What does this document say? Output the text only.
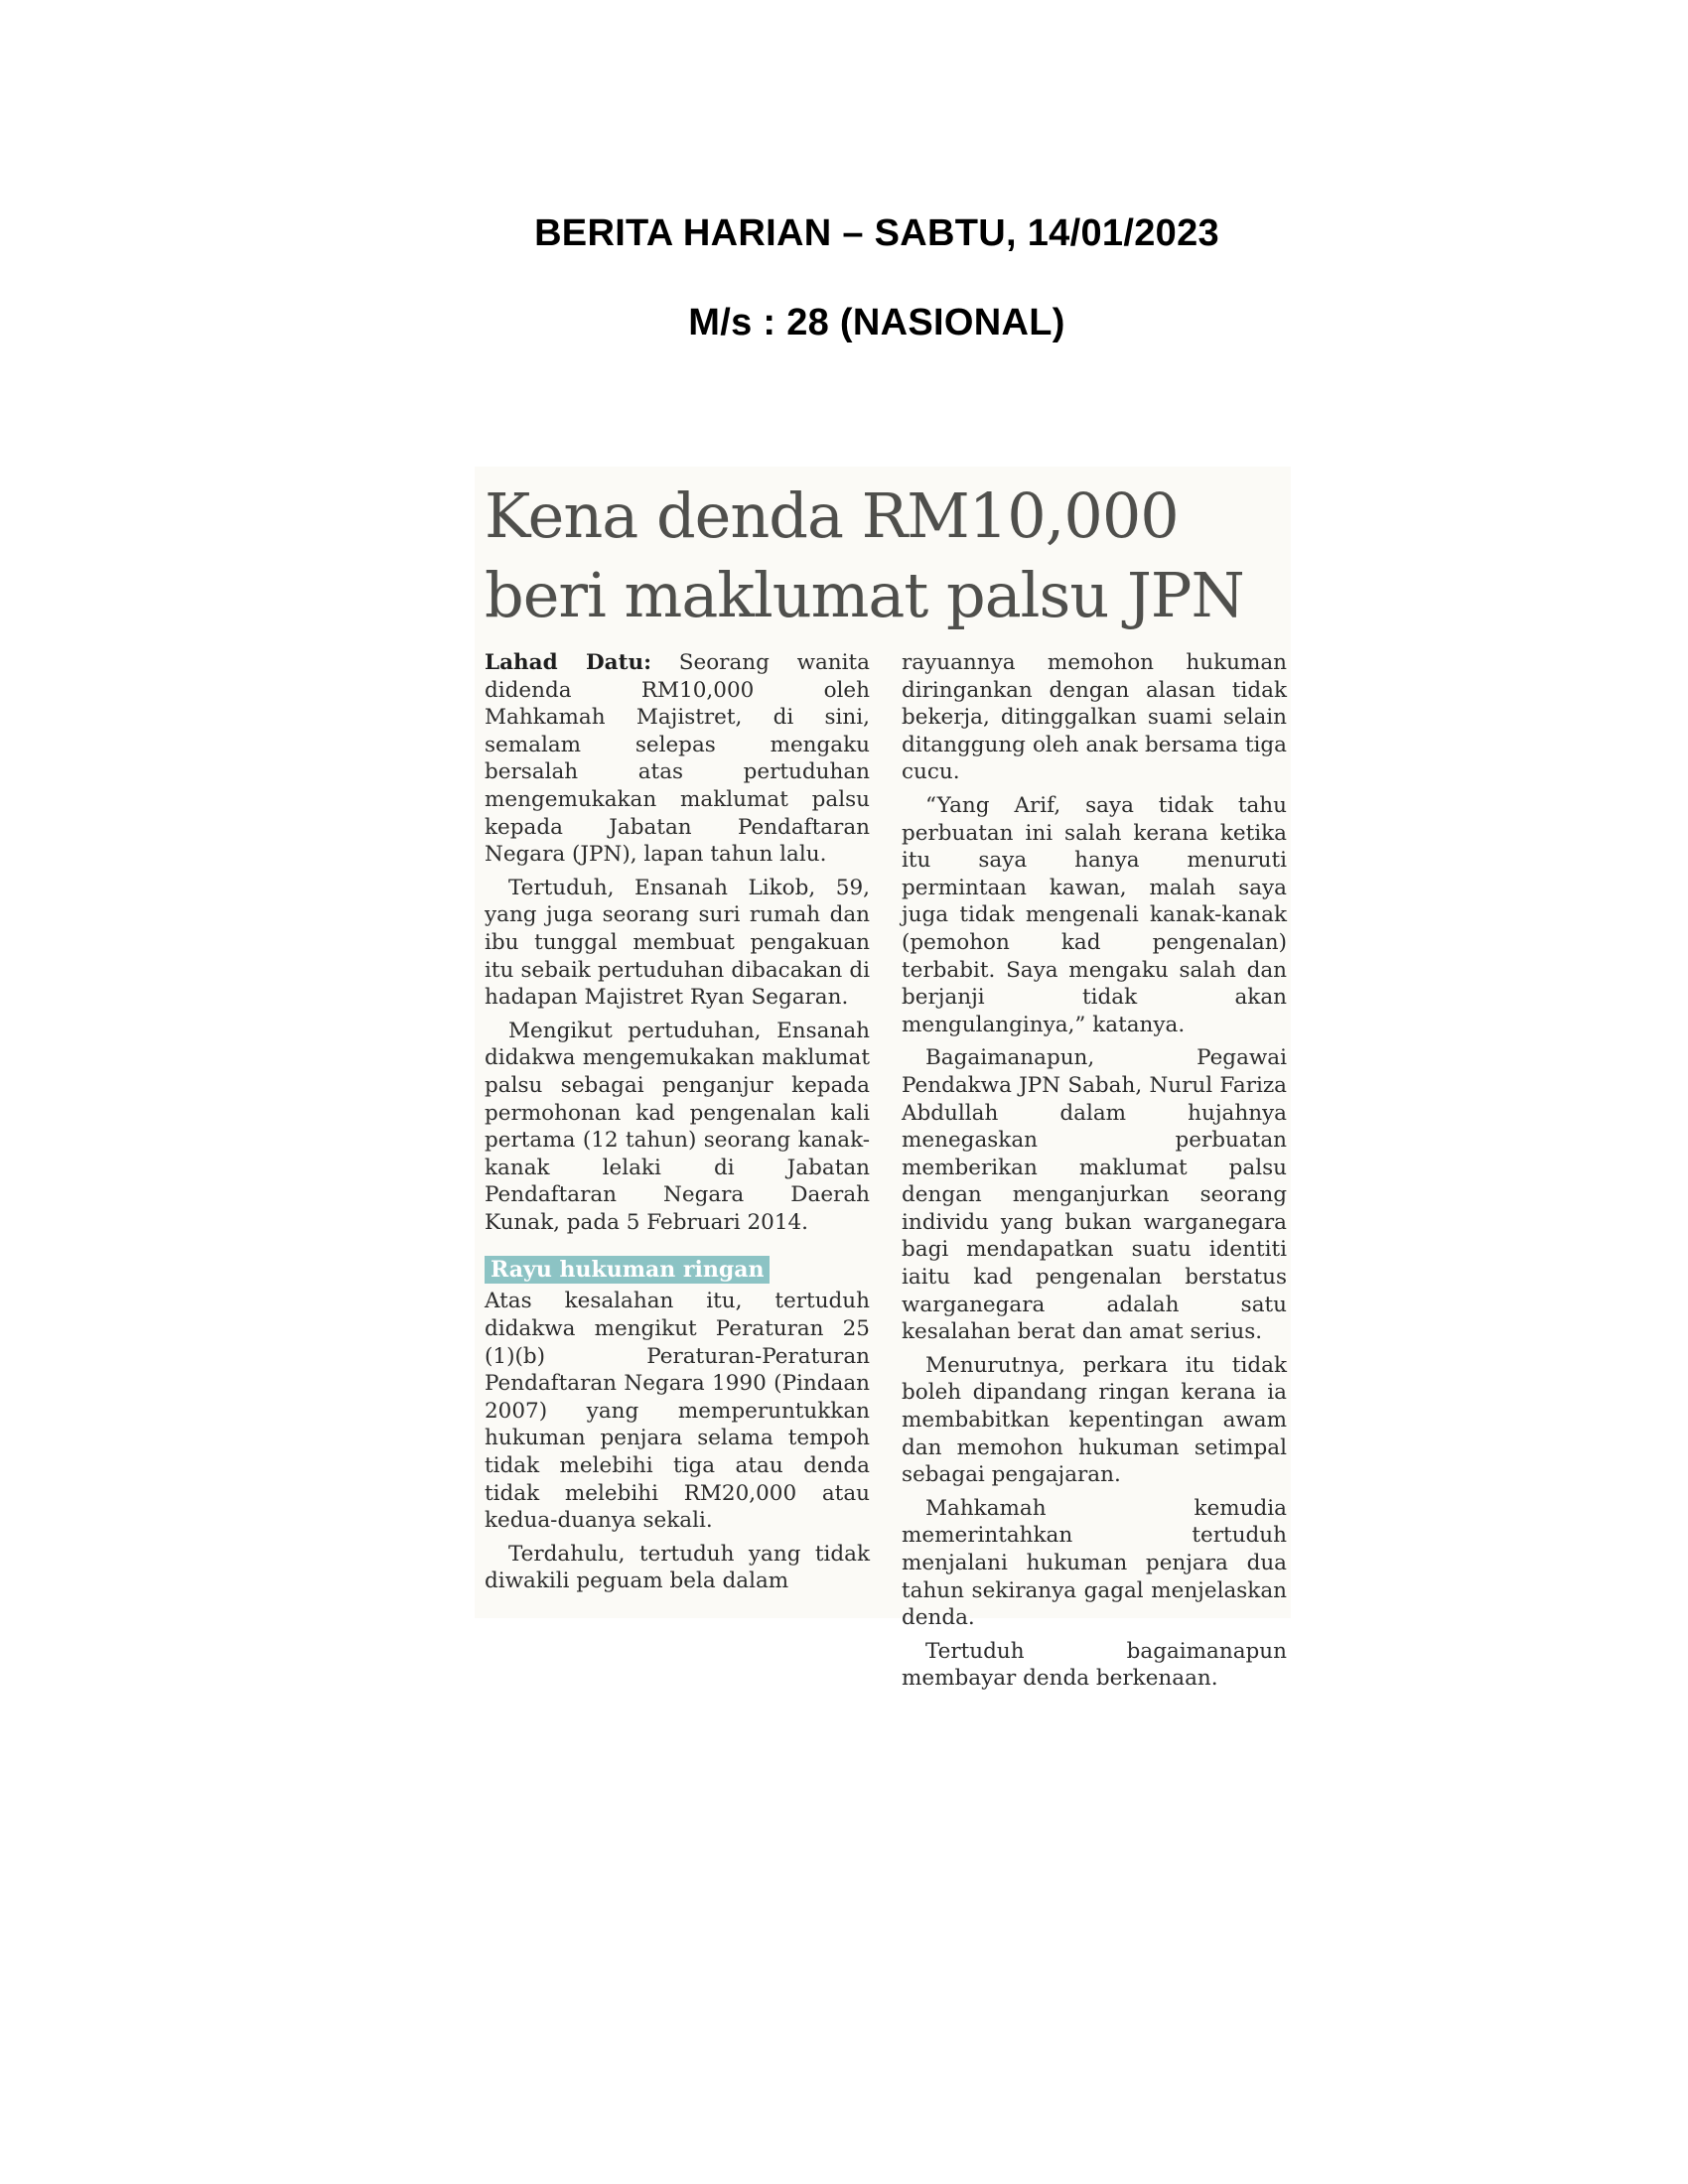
BERITA HARIAN – SABTU, 14/01/2023
M/s : 28 (NASIONAL)
Kena denda RM10,000
beri maklumat palsu JPN

Lahad Datu: Seorang wanita didenda RM10,000 oleh Mahkamah Majistret, di sini, semalam selepas mengaku bersalah atas pertuduhan mengemukakan maklumat palsu kepada Jabatan Pendaftaran Negara (JPN), lapan tahun lalu.

Tertuduh, Ensanah Likob, 59, yang juga seorang suri rumah dan ibu tunggal membuat pengakuan itu sebaik pertuduhan dibacakan di hadapan Majistret Ryan Segaran.

Mengikut pertuduhan, Ensanah didakwa mengemukakan maklumat palsu sebagai penganjur kepada permohonan kad pengenalan kali pertama (12 tahun) seorang kanak-kanak lelaki di Jabatan Pendaftaran Negara Daerah Kunak, pada 5 Februari 2014.

Rayu hukuman ringan

Atas kesalahan itu, tertuduh didakwa mengikut Peraturan 25 (1)(b) Peraturan-Peraturan Pendaftaran Negara 1990 (Pindaan 2007) yang memperuntukkan hukuman penjara selama tempoh tidak melebihi tiga atau denda tidak melebihi RM20,000 atau kedua-duanya sekali.

Terdahulu, tertuduh yang tidak diwakili peguam bela dalam

rayuannya memohon hukuman diringankan dengan alasan tidak bekerja, ditinggalkan suami selain ditanggung oleh anak bersama tiga cucu.

“Yang Arif, saya tidak tahu perbuatan ini salah kerana ketika itu saya hanya menuruti permintaan kawan, malah saya juga tidak mengenali kanak-kanak (pemohon kad pengenalan) terbabit. Saya mengaku salah dan berjanji tidak akan mengulanginya,” katanya.

Bagaimanapun, Pegawai Pendakwa JPN Sabah, Nurul Fariza Abdullah dalam hujahnya menegaskan perbuatan memberikan maklumat palsu dengan menganjurkan seorang individu yang bukan warganegara bagi mendapatkan suatu identiti iaitu kad pengenalan berstatus warganegara adalah satu kesalahan berat dan amat serius.

Menurutnya, perkara itu tidak boleh dipandang ringan kerana ia membabitkan kepentingan awam dan memohon hukuman setimpal sebagai pengajaran.

Mahkamah kemudia memerintahkan tertuduh menjalani hukuman penjara dua tahun sekiranya gagal menjelaskan denda.

Tertuduh bagaimanapun membayar denda berkenaan.
